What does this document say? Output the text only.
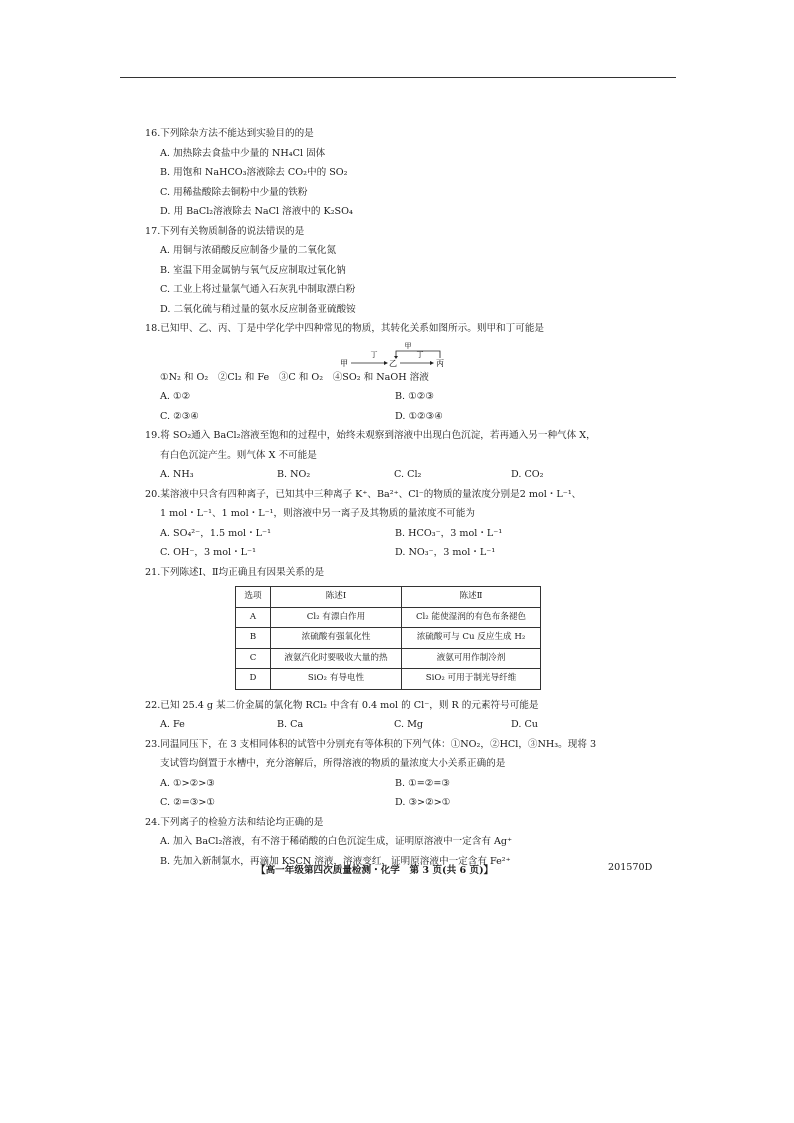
16.下列除杂方法不能达到实验目的的是
A. 加热除去食盐中少量的 NH₄Cl 固体
B. 用饱和 NaHCO₃溶液除去 CO₂中的 SO₂
C. 用稀盐酸除去铜粉中少量的铁粉
D. 用 BaCl₂溶液除去 NaCl 溶液中的 K₂SO₄
17.下列有关物质制备的说法错误的是
A. 用铜与浓硝酸反应制备少量的二氧化氮
B. 室温下用金属钠与氧气反应制取过氧化钠
C. 工业上将过量氯气通入石灰乳中制取漂白粉
D. 二氧化硫与稍过量的氨水反应制备亚硫酸铵
18.已知甲、乙、丙、丁是中学化学中四种常见的物质，其转化关系如图所示。则甲和丁可能是
甲
丁	丁
甲	乙	丙
①N₂ 和 O₂　②Cl₂ 和 Fe　③C 和 O₂　④SO₂ 和 NaOH 溶液
A. ①②	B. ①②③
C. ②③④	D. ①②③④
19.将 SO₂通入 BaCl₂溶液至饱和的过程中，始终未观察到溶液中出现白色沉淀，若再通入另一种气体 X，
有白色沉淀产生。则气体 X 不可能是
A. NH₃	B. NO₂	C. Cl₂	D. CO₂
20.某溶液中只含有四种离子，已知其中三种离子 K⁺、Ba²⁺、Cl⁻的物质的量浓度分别是2 mol・L⁻¹、
1 mol・L⁻¹、1 mol・L⁻¹，则溶液中另一离子及其物质的量浓度不可能为
A. SO₄²⁻，1.5 mol・L⁻¹	B. HCO₃⁻，3 mol・L⁻¹
C. OH⁻，3 mol・L⁻¹	D. NO₃⁻，3 mol・L⁻¹
21.下列陈述Ⅰ、Ⅱ均正确且有因果关系的是
选项	陈述Ⅰ	陈述Ⅱ
A	Cl₂ 有漂白作用	Cl₂ 能使湿润的有色布条褪色
B	浓硫酸有强氧化性	浓硫酸可与 Cu 反应生成 H₂
C	液氨汽化时要吸收大量的热	液氨可用作制冷剂
D	SiO₂ 有导电性	SiO₂ 可用于制光导纤维
22.已知 25.4 g 某二价金属的氯化物 RCl₂ 中含有 0.4 mol 的 Cl⁻，则 R 的元素符号可能是
A. Fe	B. Ca	C. Mg	D. Cu
23.同温同压下，在 3 支相同体积的试管中分别充有等体积的下列气体：①NO₂，②HCl，③NH₃。现将 3
支试管均倒置于水槽中，充分溶解后，所得溶液的物质的量浓度大小关系正确的是
A. ①>②>③	B. ①=②=③
C. ②=③>①	D. ③>②>①
24.下列离子的检验方法和结论均正确的是
A. 加入 BaCl₂溶液，有不溶于稀硝酸的白色沉淀生成，证明原溶液中一定含有 Ag⁺
B. 先加入新制氯水，再滴加 KSCN 溶液，溶液变红，证明原溶液中一定含有 Fe²⁺
【高一年级第四次质量检测・化学　第 3 页(共 6 页)】	201570D
